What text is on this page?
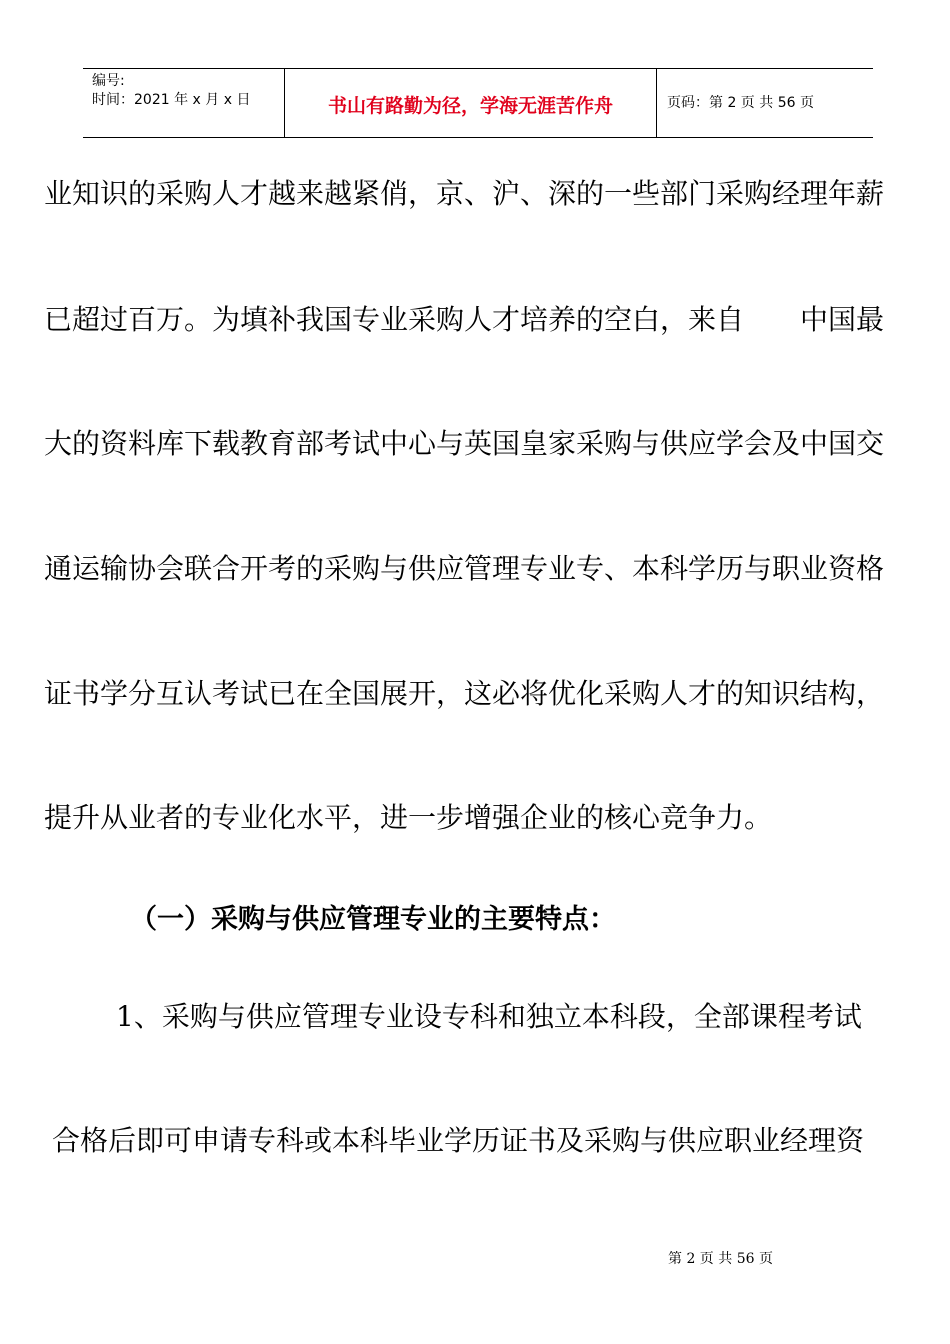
编号:
时间：2021 年 x 月 x 日	书山有路勤为径，学海无涯苦作舟	页码：第 2 页 共 56 页
业知识的采购人才越来越紧俏，京、沪、深的一些部门采购经理年薪
已超过百万。为填补我国专业采购人才培养的空白，来自　　中国最
大的资料库下载教育部考试中心与英国皇家采购与供应学会及中国交
通运输协会联合开考的采购与供应管理专业专、本科学历与职业资格
证书学分互认考试已在全国展开，这必将优化采购人才的知识结构，
提升从业者的专业化水平，进一步增强企业的核心竞争力。
（一）采购与供应管理专业的主要特点：
1、采购与供应管理专业设专科和独立本科段，全部课程考试
合格后即可申请专科或本科毕业学历证书及采购与供应职业经理资
第 2 页 共 56 页
